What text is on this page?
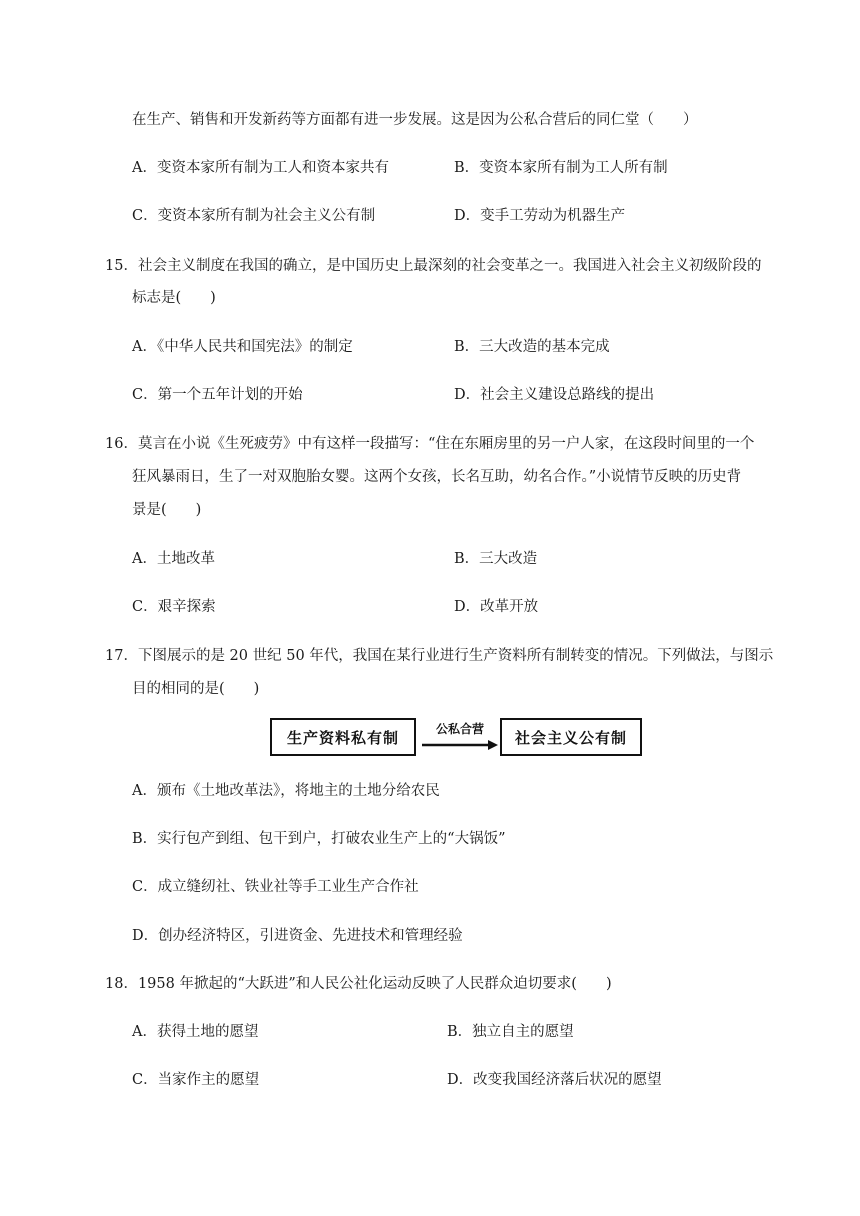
在生产、销售和开发新药等方面都有进一步发展。这是因为公私合营后的同仁堂（　　）
A．变资本家所有制为工人和资本家共有	B．变资本家所有制为工人所有制
C．变资本家所有制为社会主义公有制	D．变手工劳动为机器生产
15．社会主义制度在我国的确立，是中国历史上最深刻的社会变革之一。我国进入社会主义初级阶段的
标志是(　　)
A．《中华人民共和国宪法》的制定	B．三大改造的基本完成
C．第一个五年计划的开始	D．社会主义建设总路线的提出
16．莫言在小说《生死疲劳》中有这样一段描写：“住在东厢房里的另一户人家，在这段时间里的一个
狂风暴雨日，生了一对双胞胎女婴。这两个女孩，长名互助，幼名合作。”小说情节反映的历史背
景是(　　)
A．土地改革	B．三大改造
C．艰辛探索	D．改革开放
17．下图展示的是 20 世纪 50 年代，我国在某行业进行生产资料所有制转变的情况。下列做法，与图示
目的相同的是(　　)
生产资料私有制	公私合营	社会主义公有制
A．颁布《土地改革法》，将地主的土地分给农民
B．实行包产到组、包干到户，打破农业生产上的“大锅饭”
C．成立缝纫社、铁业社等手工业生产合作社
D．创办经济特区，引进资金、先进技术和管理经验
18．1958 年掀起的“大跃进”和人民公社化运动反映了人民群众迫切要求(　　)
A．获得土地的愿望	B．独立自主的愿望
C．当家作主的愿望	D．改变我国经济落后状况的愿望
